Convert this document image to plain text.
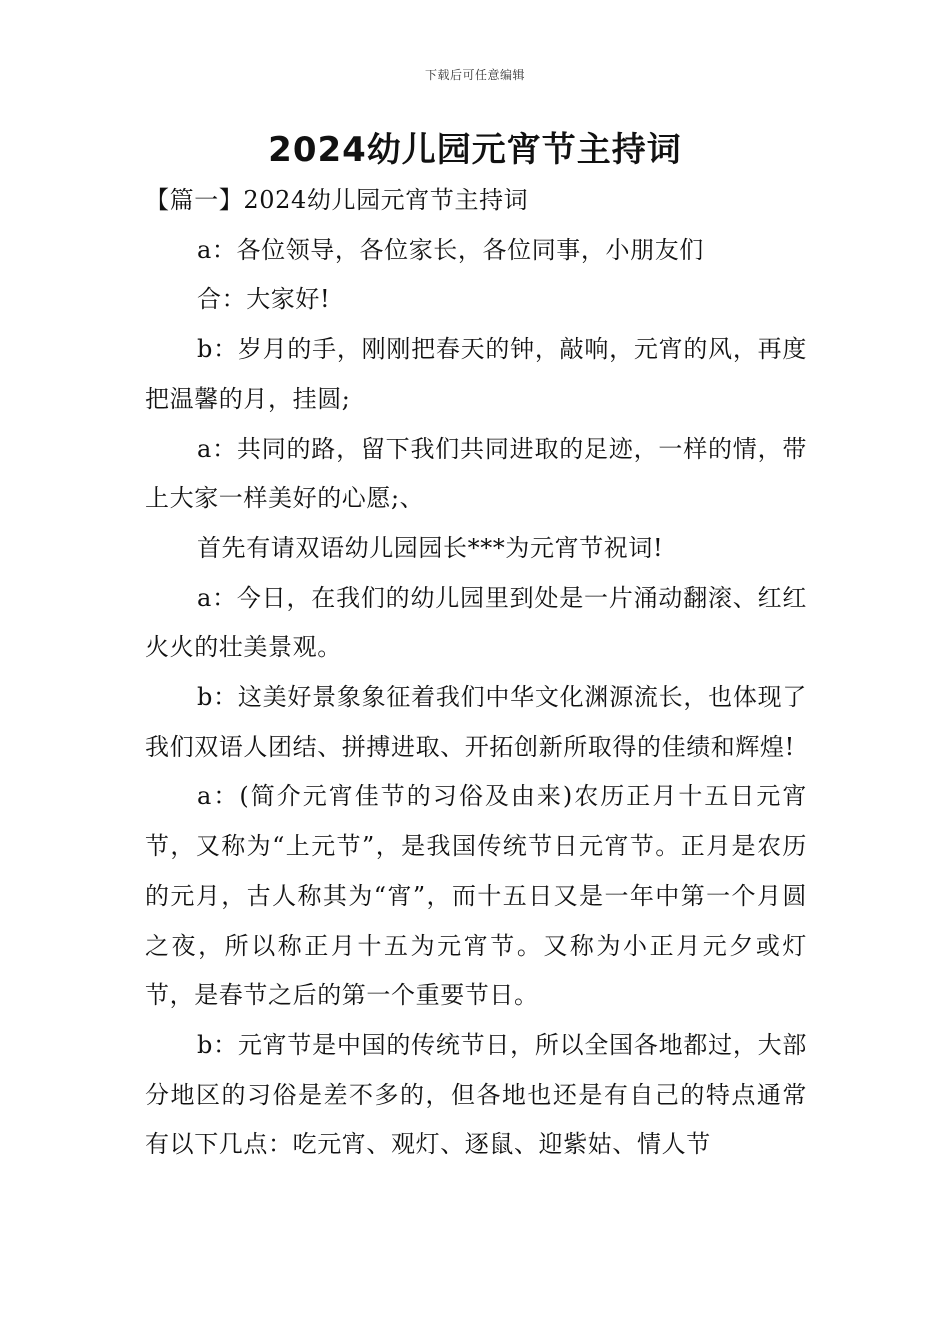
下载后可任意编辑
2024幼儿园元宵节主持词

【篇一】2024幼儿园元宵节主持词

a：各位领导，各位家长，各位同事，小朋友们

合：大家好!

b：岁月的手，刚刚把春天的钟，敲响，元宵的风，再度把温馨的月，挂圆;

a：共同的路，留下我们共同进取的足迹，一样的情，带上大家一样美好的心愿;、

首先有请双语幼儿园园长***为元宵节祝词!

a：今日，在我们的幼儿园里到处是一片涌动翻滚、红红火火的壮美景观。

b：这美好景象象征着我们中华文化渊源流长，也体现了我们双语人团结、拼搏进取、开拓创新所取得的佳绩和辉煌!

a：(简介元宵佳节的习俗及由来)农历正月十五日元宵节，又称为“上元节”，是我国传统节日元宵节。正月是农历的元月，古人称其为“宵”，而十五日又是一年中第一个月圆之夜，所以称正月十五为元宵节。又称为小正月元夕或灯节，是春节之后的第一个重要节日。

b：元宵节是中国的传统节日，所以全国各地都过，大部分地区的习俗是差不多的，但各地也还是有自己的特点通常有以下几点：吃元宵、观灯、逐鼠、迎紫姑、情人节
